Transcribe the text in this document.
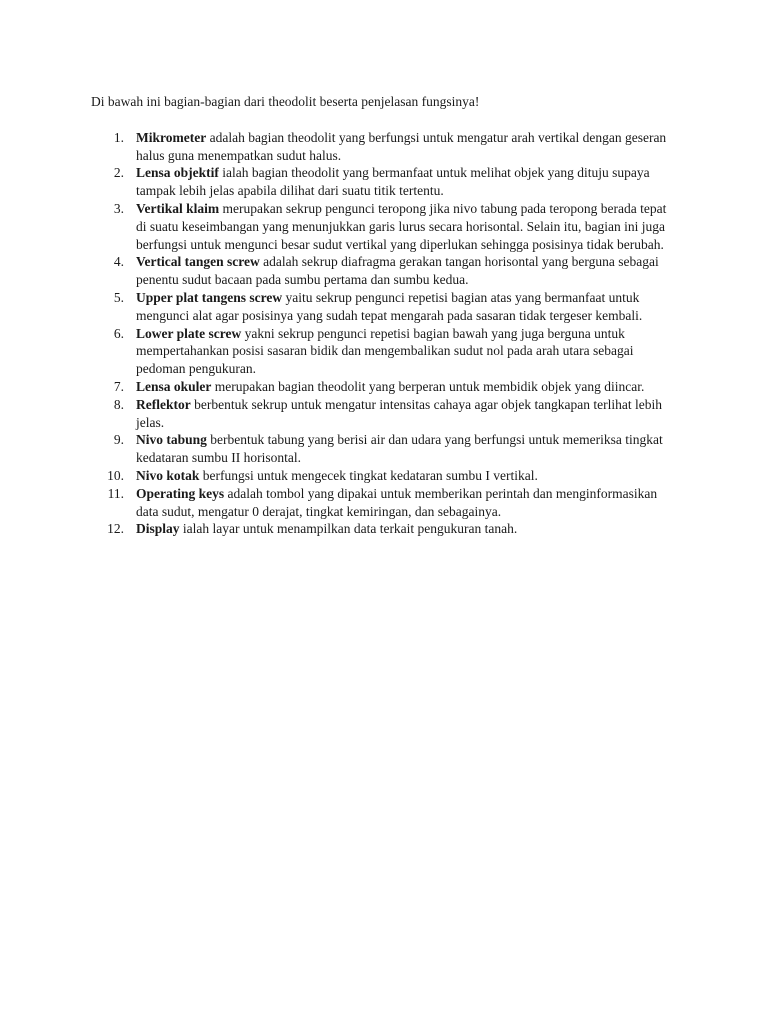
Di bawah ini bagian-bagian dari theodolit beserta penjelasan fungsinya!

1. Mikrometer adalah bagian theodolit yang berfungsi untuk mengatur arah vertikal dengan geseran halus guna menempatkan sudut halus.
2. Lensa objektif ialah bagian theodolit yang bermanfaat untuk melihat objek yang dituju supaya tampak lebih jelas apabila dilihat dari suatu titik tertentu.
3. Vertikal klaim merupakan sekrup pengunci teropong jika nivo tabung pada teropong berada tepat di suatu keseimbangan yang menunjukkan garis lurus secara horisontal. Selain itu, bagian ini juga berfungsi untuk mengunci besar sudut vertikal yang diperlukan sehingga posisinya tidak berubah.
4. Vertical tangen screw adalah sekrup diafragma gerakan tangan horisontal yang berguna sebagai penentu sudut bacaan pada sumbu pertama dan sumbu kedua.
5. Upper plat tangens screw yaitu sekrup pengunci repetisi bagian atas yang bermanfaat untuk mengunci alat agar posisinya yang sudah tepat mengarah pada sasaran tidak tergeser kembali.
6. Lower plate screw yakni sekrup pengunci repetisi bagian bawah yang juga berguna untuk mempertahankan posisi sasaran bidik dan mengembalikan sudut nol pada arah utara sebagai pedoman pengukuran.
7. Lensa okuler merupakan bagian theodolit yang berperan untuk membidik objek yang diincar.
8. Reflektor berbentuk sekrup untuk mengatur intensitas cahaya agar objek tangkapan terlihat lebih jelas.
9. Nivo tabung berbentuk tabung yang berisi air dan udara yang berfungsi untuk memeriksa tingkat kedataran sumbu II horisontal.
10. Nivo kotak berfungsi untuk mengecek tingkat kedataran sumbu I vertikal.
11. Operating keys adalah tombol yang dipakai untuk memberikan perintah dan menginformasikan data sudut, mengatur 0 derajat, tingkat kemiringan, dan sebagainya.
12. Display ialah layar untuk menampilkan data terkait pengukuran tanah.
